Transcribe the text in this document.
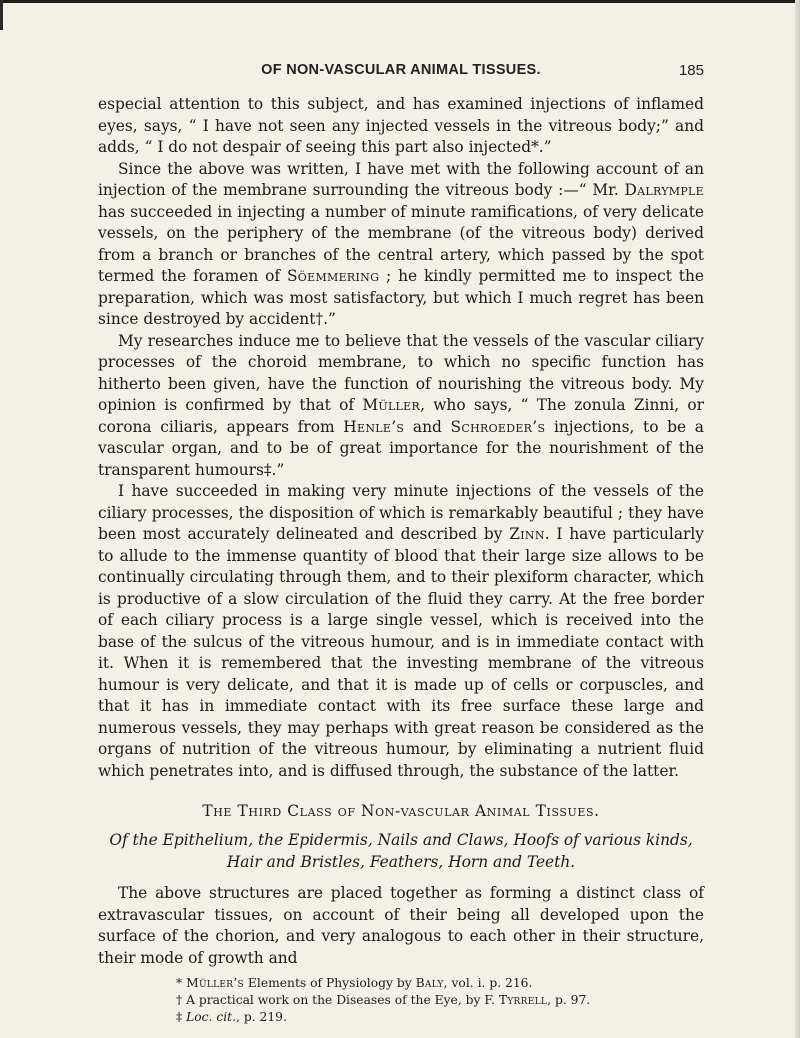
OF NON-VASCULAR ANIMAL TISSUES.	185

especial attention to this subject, and has examined injections of inflamed eyes, says, “ I have not seen any injected vessels in the vitreous body;” and adds, “ I do not despair of seeing this part also injected*.”

Since the above was written, I have met with the following account of an injection of the membrane surrounding the vitreous body :—“ Mr. Dalrymple has succeeded in injecting a number of minute ramifications, of very delicate vessels, on the periphery of the membrane (of the vitreous body) derived from a branch or branches of the central artery, which passed by the spot termed the foramen of Söemmering ; he kindly permitted me to inspect the preparation, which was most satisfactory, but which I much regret has been since destroyed by accident†.”

My researches induce me to believe that the vessels of the vascular ciliary processes of the choroid membrane, to which no specific function has hitherto been given, have the function of nourishing the vitreous body. My opinion is confirmed by that of Müller, who says, “ The zonula Zinni, or corona ciliaris, appears from Henle’s and Schroeder’s injections, to be a vascular organ, and to be of great importance for the nourishment of the transparent humours‡.”

I have succeeded in making very minute injections of the vessels of the ciliary processes, the disposition of which is remarkably beautiful ; they have been most accurately delineated and described by Zinn. I have particularly to allude to the immense quantity of blood that their large size allows to be continually circulating through them, and to their plexiform character, which is productive of a slow circulation of the fluid they carry. At the free border of each ciliary process is a large single vessel, which is received into the base of the sulcus of the vitreous humour, and is in immediate contact with it. When it is remembered that the investing membrane of the vitreous humour is very delicate, and that it is made up of cells or corpuscles, and that it has in immediate contact with its free surface these large and numerous vessels, they may perhaps with great reason be considered as the organs of nutrition of the vitreous humour, by eliminating a nutrient fluid which penetrates into, and is diffused through, the substance of the latter.

The Third Class of Non-vascular Animal Tissues.
Of the Epithelium, the Epidermis, Nails and Claws, Hoofs of various kinds, Hair and Bristles, Feathers, Horn and Teeth.

The above structures are placed together as forming a distinct class of extravascular tissues, on account of their being all developed upon the surface of the chorion, and very analogous to each other in their structure, their mode of growth and

* Müller’s Elements of Physiology by Baly, vol. i. p. 216.
† A practical work on the Diseases of the Eye, by F. Tyrrell, p. 97.
‡ Loc. cit., p. 219.
